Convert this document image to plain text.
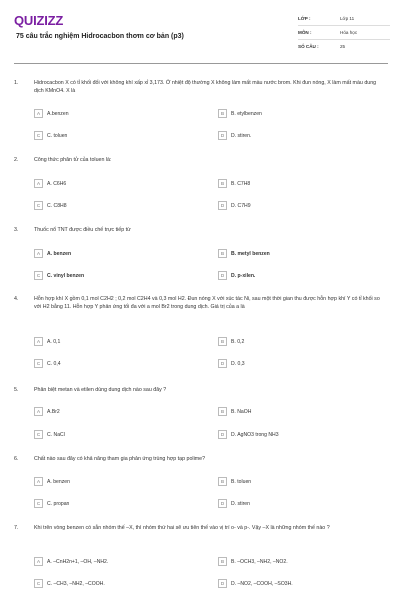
QUIZIZZ
75 câu trắc nghiệm Hidrocacbon thơm cơ bản (p3)
LỚP :	Lớp 11
MÔN :	Hóa học
SỐ CÂU :	25
1.	Hidrocacbon X có tỉ khối đối với không khí xấp xỉ 3,173. Ở nhiệt độ thường X không làm mất màu nước brom. Khi đun nóng, X làm mất màu dung dịch KMnO4. X là
A	A.benzen	B	B. etylbenzen
C	C. toluen	D	D. stiren.
2.	Công thức phân tử của toluen là:
A	A. C6H6	B	B. C7H8
C	C. C8H8	D	D. C7H9
3.	Thuốc nổ TNT được điều chế trực tiếp từ
A	A. benzen	B	B. metyl benzen
C	C. vinyl benzen	D	D. p-xilen.
4.	Hỗn hợp khí X gồm 0,1 mol C2H2 ; 0,2 mol C2H4 và 0,3 mol H2. Đun nóng X với xúc tác Ni, sau một thời gian thu được hỗn hợp khí Y có tỉ khối so với H2 bằng 11. Hỗn hợp Y phản ứng tối đa với a mol Br2 trong dung dịch. Giá trị của a là
A	A. 0,1	B	B. 0,2
C	C. 0,4	D	D. 0,3
5.	Phân biệt metan và etilen dùng dung dịch nào sau đây ?
A	A.Br2	B	B. NaOH
C	C. NaCl	D	D. AgNO3 trong NH3
6.	Chất nào sau đây có khả năng tham gia phản ứng trùng hợp tạp polime?
A	A. benzen	B	B. toluen
C	C. propan	D	D. stiren
7.	Khi trên vòng benzen có sẵn nhóm thế –X, thì nhóm thứ hai sẽ ưu tiên thế vào vị trí o- và p-. Vậy –X là những nhóm thế nào ?
A	A. –CnH2n+1, –OH, –NH2.	B	B. –OCH3, –NH2, –NO2.
C	C. –CH3, –NH2, –COOH.	D	D. –NO2, –COOH, –SO3H.
